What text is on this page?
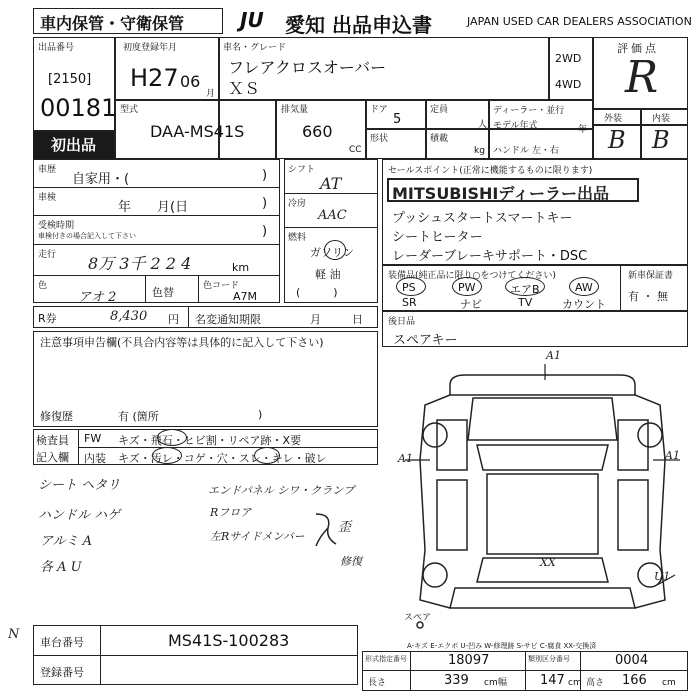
車内保管・守衛保管	JU 愛知 出品申込書	JAPAN USED CAR DEALERS ASSOCIATION
出品番号
[2150]
00181
初出品
初度登録年月
H27 06
月
車名・グレード
フレアクロスオーバー
ＸＳ
2WD
4WD
型式
DAA-MS41S
排気量
660
CC
ドア
5
定員
人
形状	積載
kg
ディーラー・並行
モデル年式	年
ハンドル 左・右
評価点
R
外装	内装
B B
車歴
自家用・(	)
車検
年　　月(日	)
受検時期
車検付きの場合記入して下さい	)
走行 8万 3千 2 2 4	km
色
アオ 2	色替	色コード
A7M
R券	8,430 円 名変通知期限	月	日
シフト
AT
冷房
AAC
燃料
ガソリン
軽 油
(　　　)
セールスポイント(正常に機能するものに限ります)
MITSUBISHIディーラー出品
プッシュスタートスマートキー
シートヒーター
レーダーブレーキサポート・DSC
装備品(純正品に限り○をつけてください)
PS	PW	エアB	AW
SR	ナビ	TV	カウント
新車保証書
有 ・ 無
後日品
スペアキー
注意事項申告欄(不具合内容等は具体的に記入して下さい)
修復歴	有 (箇所	)
検査員
記入欄
FW キズ・飛石・ヒビ割・リペア跡・X要
内装 キズ・汚レ・コゲ・穴・スレ・キレ・破レ
シート ヘタリ
ハンドル ハゲ
アルミ A
各 A U
エンドパネル シワ・クランプ
Rフロア
左Rサイドメンバー
歪
修復
A1
A1	A1
U1
XX
スペア
A-キズ E-エクボ U-凹み W-修理跡 S-サビ C-腐食 XX-交換済
車台番号	MS41S-100283
登録番号
N
形式指定番号	18097	類別区分番号	0004
長さ	339 cm 幅	147 cm 高さ 166 cm
